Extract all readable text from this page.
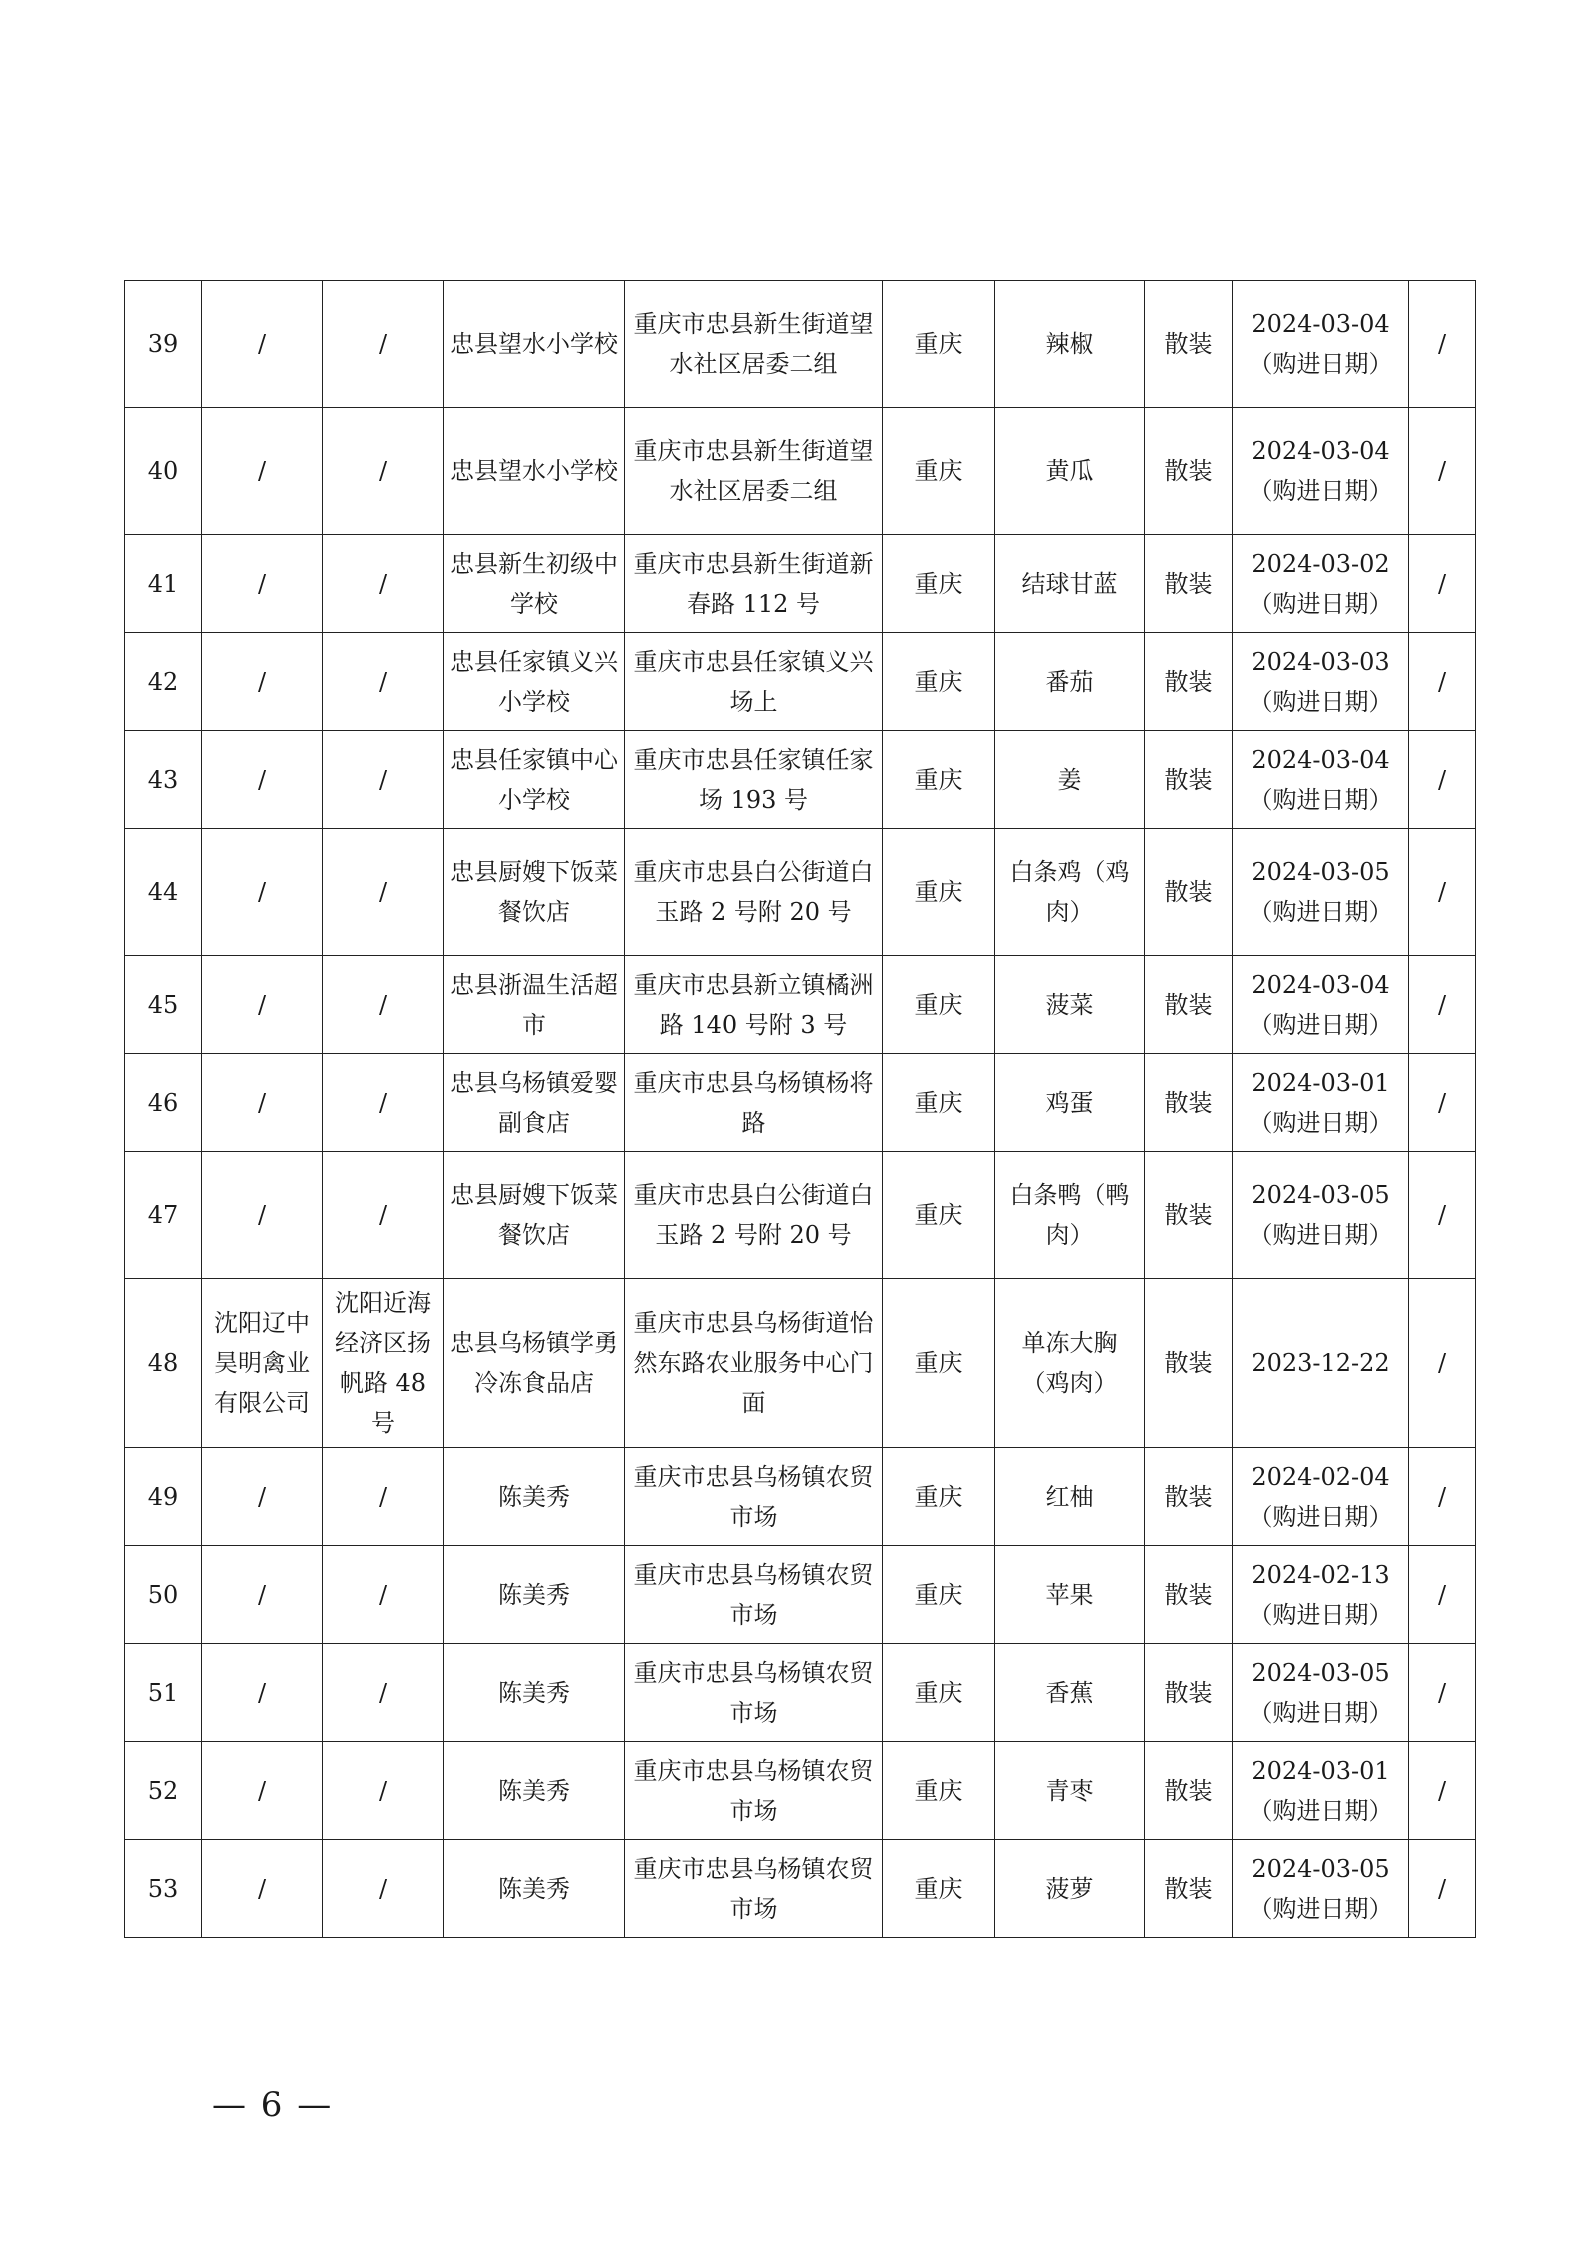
39	/	/	忠县望水小学校	重庆市忠县新生街道望水社区居委二组	重庆	辣椒	散装	2024-03-04（购进日期）	/
40	/	/	忠县望水小学校	重庆市忠县新生街道望水社区居委二组	重庆	黄瓜	散装	2024-03-04（购进日期）	/
41	/	/	忠县新生初级中学校	重庆市忠县新生街道新春路 112 号	重庆	结球甘蓝	散装	2024-03-02（购进日期）	/
42	/	/	忠县任家镇义兴小学校	重庆市忠县任家镇义兴场上	重庆	番茄	散装	2024-03-03（购进日期）	/
43	/	/	忠县任家镇中心小学校	重庆市忠县任家镇任家场 193 号	重庆	姜	散装	2024-03-04（购进日期）	/
44	/	/	忠县厨嫂下饭菜餐饮店	重庆市忠县白公街道白玉路 2 号附 20 号	重庆	白条鸡（鸡肉）	散装	2024-03-05（购进日期）	/
45	/	/	忠县浙温生活超市	重庆市忠县新立镇橘洲路 140 号附 3 号	重庆	菠菜	散装	2024-03-04（购进日期）	/
46	/	/	忠县乌杨镇爱婴副食店	重庆市忠县乌杨镇杨将路	重庆	鸡蛋	散装	2024-03-01（购进日期）	/
47	/	/	忠县厨嫂下饭菜餐饮店	重庆市忠县白公街道白玉路 2 号附 20 号	重庆	白条鸭（鸭肉）	散装	2024-03-05（购进日期）	/
48	沈阳辽中昊明禽业有限公司	沈阳近海经济区扬帆路 48 号	忠县乌杨镇学勇冷冻食品店	重庆市忠县乌杨街道怡然东路农业服务中心门面	重庆	单冻大胸（鸡肉）	散装	2023-12-22	/
49	/	/	陈美秀	重庆市忠县乌杨镇农贸市场	重庆	红柚	散装	2024-02-04（购进日期）	/
50	/	/	陈美秀	重庆市忠县乌杨镇农贸市场	重庆	苹果	散装	2024-02-13（购进日期）	/
51	/	/	陈美秀	重庆市忠县乌杨镇农贸市场	重庆	香蕉	散装	2024-03-05（购进日期）	/
52	/	/	陈美秀	重庆市忠县乌杨镇农贸市场	重庆	青枣	散装	2024-03-01（购进日期）	/
53	/	/	陈美秀	重庆市忠县乌杨镇农贸市场	重庆	菠萝	散装	2024-03-05（购进日期）	/
— 6 —
